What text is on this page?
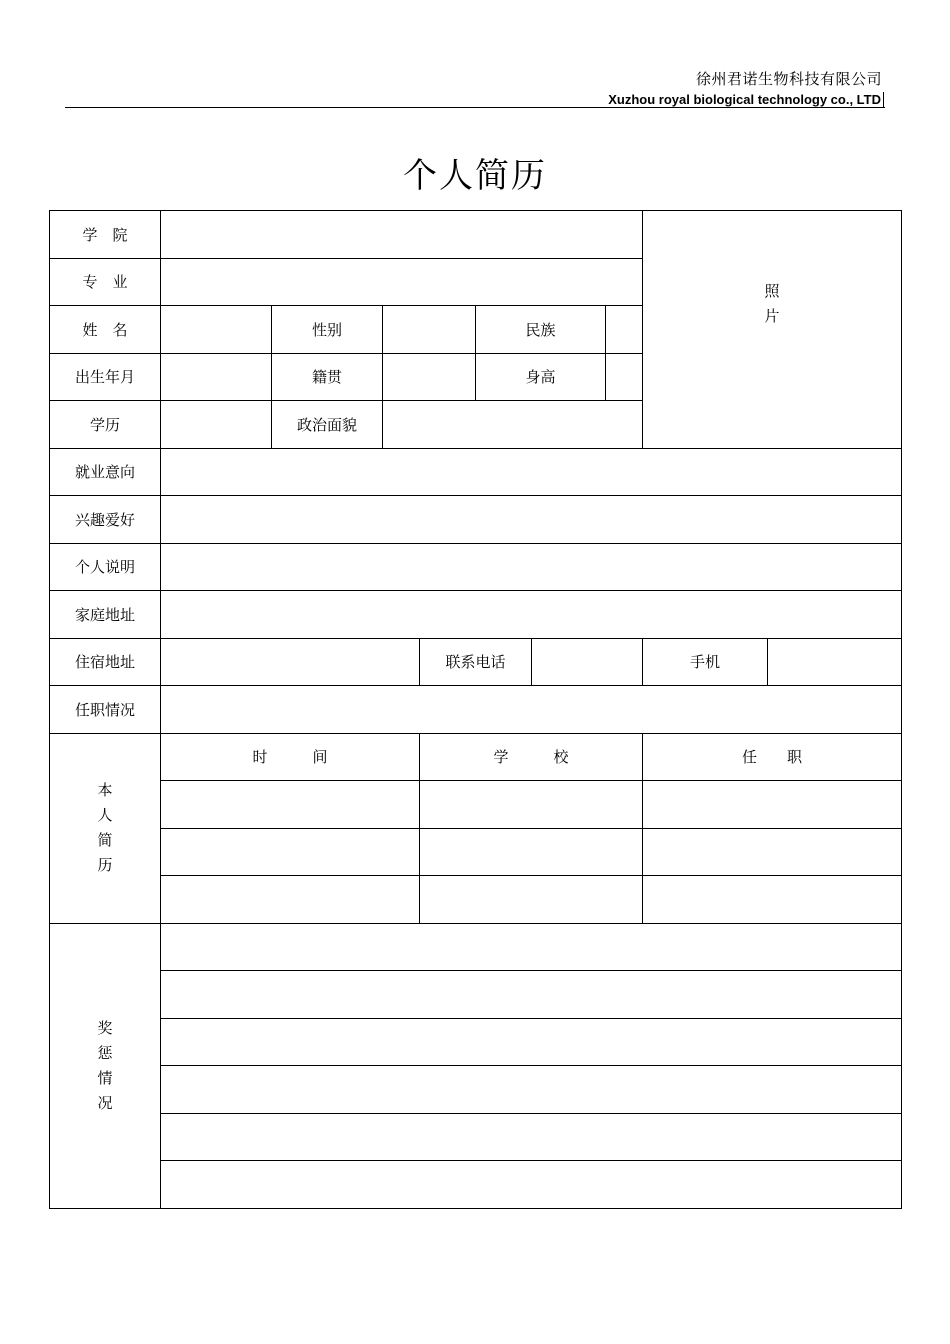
徐州君诺生物科技有限公司
Xuzhou royal biological technology co., LTD
个人简历
学　院								照
片	
专　业									
姓　名		性别			民族				
出生年月		籍贯			身高				
学历		政治面貌							
就业意向									
兴趣爱好									
个人说明									
家庭地址									
住宿地址				联系电话				手机	
任职情况									
本
人
简
历	时　　　间			学　　　校				任　　职	

奖
惩
情
况									
